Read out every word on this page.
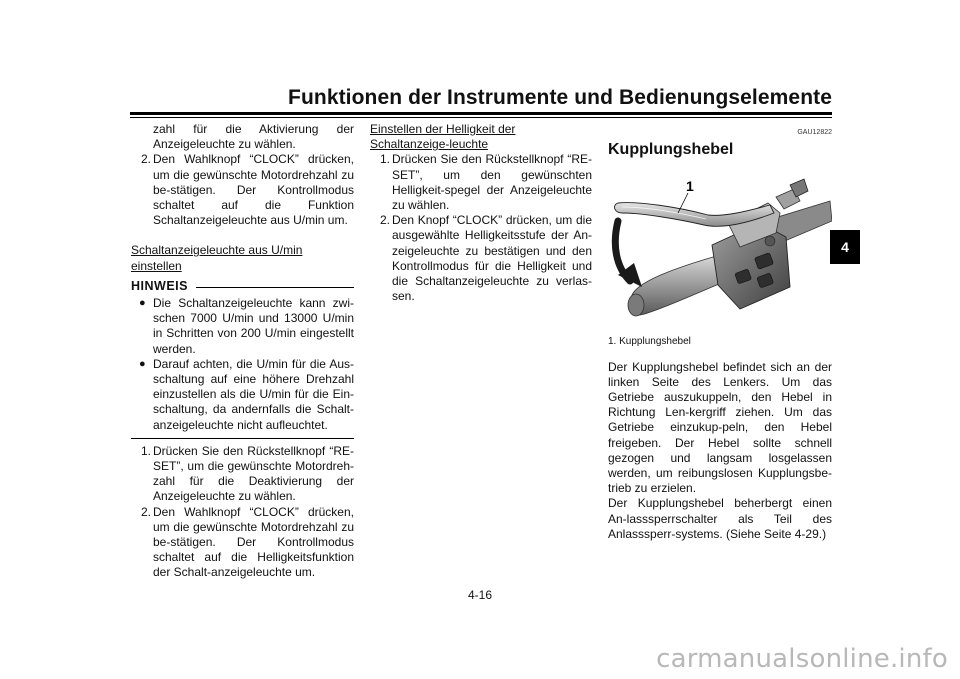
Funktionen der Instrumente und Bedienungselemente
4

zahl für die Aktivierung der Anzeigeleuchte zu wählen.

2. Den Wahlknopf “CLOCK” drücken, um die gewünschte Motordrehzahl zu be-stätigen. Der Kontrollmodus schaltet auf die Funktion Schaltanzeigeleuchte aus U/min um.

Schaltanzeigeleuchte aus U/min einstellen

HINWEIS
● Die Schaltanzeigeleuchte kann zwi-schen 7000 U/min und 13000 U/min in Schritten von 200 U/min eingestellt werden.
● Darauf achten, die U/min für die Aus-schaltung auf eine höhere Drehzahl einzustellen als die U/min für die Ein-schaltung, da andernfalls die Schalt-anzeigeleuchte nicht aufleuchtet.
1. Drücken Sie den Rückstellknopf “RE-SET”, um die gewünschte Motordreh-zahl für die Deaktivierung der Anzeigeleuchte zu wählen.
2. Den Wahlknopf “CLOCK” drücken, um die gewünschte Motordrehzahl zu be-stätigen. Der Kontrollmodus schaltet auf die Helligkeitsfunktion der Schalt-anzeigeleuchte um.

Einstellen der Helligkeit der Schaltanzeige-leuchte

1. Drücken Sie den Rückstellknopf “RE-SET”, um den gewünschten Helligkeit-spegel der Anzeigeleuchte zu wählen.
2. Den Knopf “CLOCK” drücken, um die ausgewählte Helligkeitsstufe der An-zeigeleuchte zu bestätigen und den Kontrollmodus für die Helligkeit und die Schaltanzeigeleuchte zu verlas-sen.
GAU12822

Kupplungshebel

1
1. Kupplungshebel

Der Kupplungshebel befindet sich an der linken Seite des Lenkers. Um das Getriebe auszukuppeln, den Hebel in Richtung Len-kergriff ziehen. Um das Getriebe einzukup-peln, den Hebel freigeben. Der Hebel sollte schnell gezogen und langsam losgelassen werden, um reibungslosen Kupplungsbe-trieb zu erzielen.

Der Kupplungshebel beherbergt einen An-lasssperrschalter als Teil des Anlasssperr-systems. (Siehe Seite 4-29.)

4-16
carmanualsonline.info
